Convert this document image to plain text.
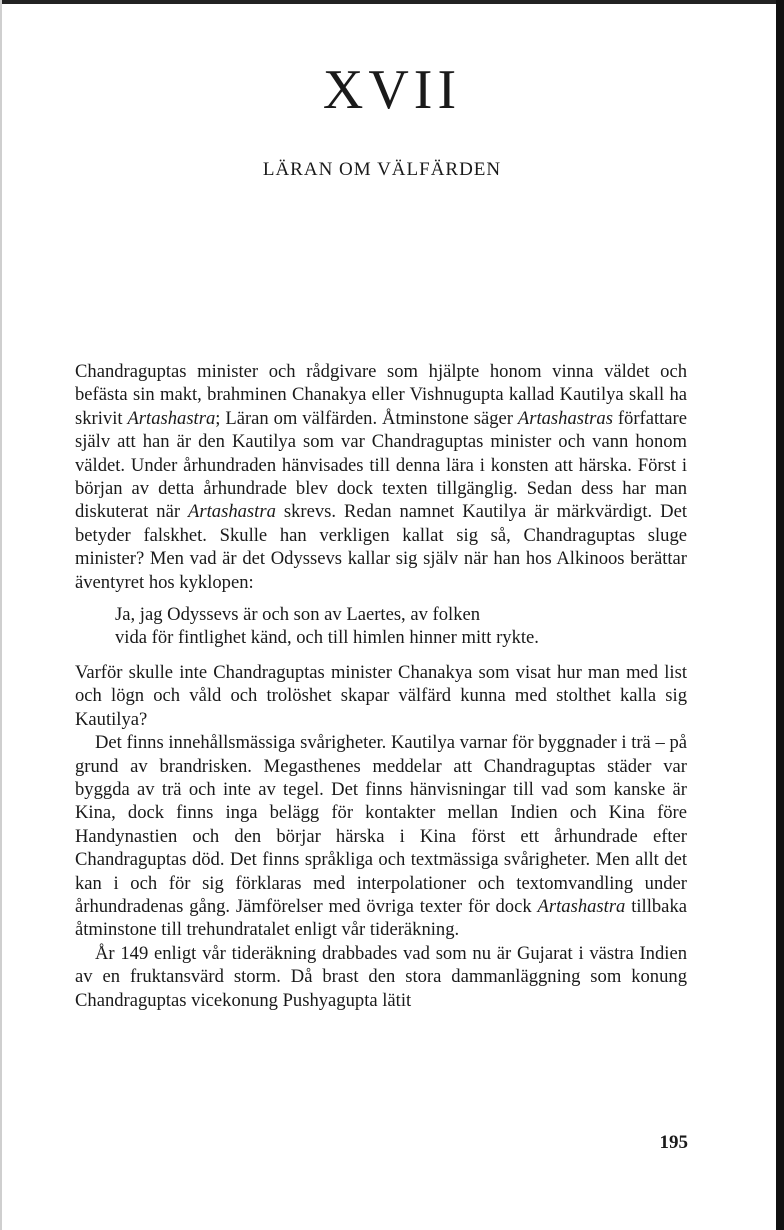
XVII
LÄRAN OM VÄLFÄRDEN

Chandraguptas minister och rådgivare som hjälpte honom vinna väldet och befästa sin makt, brahminen Chanakya eller Vishnugupta kallad Kautilya skall ha skrivit Artashastra; Läran om välfärden. Åtminstone säger Artashastras författare själv att han är den Kautilya som var Chandraguptas minister och vann honom väldet. Under århundraden hänvisades till denna lära i konsten att härska. Först i början av detta århundrade blev dock texten tillgänglig. Sedan dess har man diskuterat när Artashastra skrevs. Redan namnet Kautilya är märkvärdigt. Det betyder falskhet. Skulle han verkligen kallat sig så, Chandraguptas sluge minister? Men vad är det Odyssevs kallar sig själv när han hos Alkinoos berättar äventyret hos kyklopen:

Ja, jag Odyssevs är och son av Laertes, av folken

vida för fintlighet känd, och till himlen hinner mitt rykte.

Varför skulle inte Chandraguptas minister Chanakya som visat hur man med list och lögn och våld och trolöshet skapar välfärd kunna med stolthet kalla sig Kautilya?

Det finns innehållsmässiga svårigheter. Kautilya varnar för byggnader i trä – på grund av brandrisken. Megasthenes meddelar att Chandraguptas städer var byggda av trä och inte av tegel. Det finns hänvisningar till vad som kanske är Kina, dock finns inga belägg för kontakter mellan Indien och Kina före Handynastien och den börjar härska i Kina först ett århundrade efter Chandraguptas död. Det finns språkliga och textmässiga svårigheter. Men allt det kan i och för sig förklaras med interpolationer och textomvandling under århundradenas gång. Jämförelser med övriga texter för dock Artashastra tillbaka åtminstone till trehundratalet enligt vår tideräkning.

År 149 enligt vår tideräkning drabbades vad som nu är Gujarat i västra Indien av en fruktansvärd storm. Då brast den stora dammanläggning som konung Chandraguptas vicekonung Pushyagupta lätit

195
